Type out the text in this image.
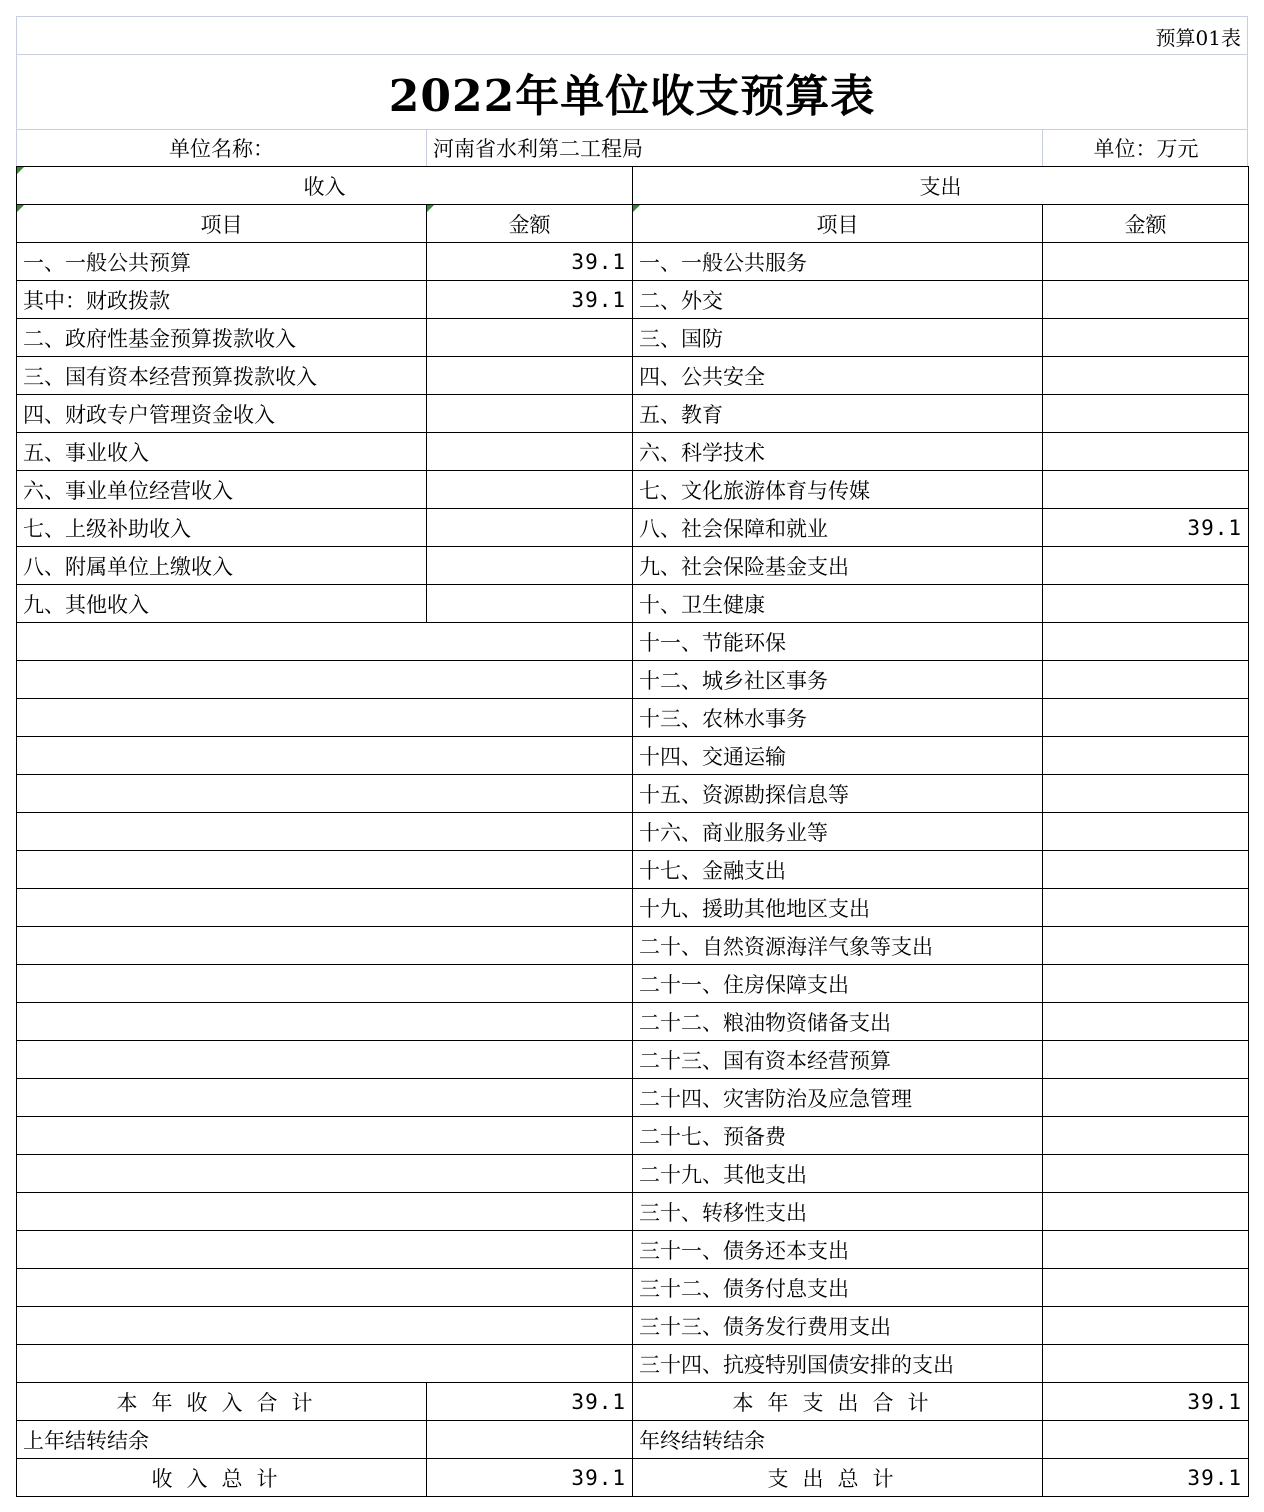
预算01表
2022年单位收支预算表
单位名称：	河南省水利第二工程局	单位：万元
收入		支出	
项目	金额	项目	金额
一、一般公共预算	39.1	一、一般公共服务	
其中：财政拨款	39.1	二、外交	
二、政府性基金预算拨款收入		三、国防	
三、国有资本经营预算拨款收入		四、公共安全	
四、财政专户管理资金收入		五、教育	
五、事业收入		六、科学技术	
六、事业单位经营收入		七、文化旅游体育与传媒	
七、上级补助收入		八、社会保障和就业	39.1
八、附属单位上缴收入		九、社会保险基金支出	
九、其他收入		十、卫生健康	
		十一、节能环保	
		十二、城乡社区事务	
		十三、农林水事务	
		十四、交通运输	
		十五、资源勘探信息等	
		十六、商业服务业等	
		十七、金融支出	
		十九、援助其他地区支出	
		二十、自然资源海洋气象等支出	
		二十一、住房保障支出	
		二十二、粮油物资储备支出	
		二十三、国有资本经营预算	
		二十四、灾害防治及应急管理	
		二十七、预备费	
		二十九、其他支出	
		三十、转移性支出	
		三十一、债务还本支出	
		三十二、债务付息支出	
		三十三、债务发行费用支出	
		三十四、抗疫特别国债安排的支出	
本年收入合计	39.1	本年支出合计	39.1
上年结转结余		年终结转结余	
收入总计	39.1	支出总计	39.1
